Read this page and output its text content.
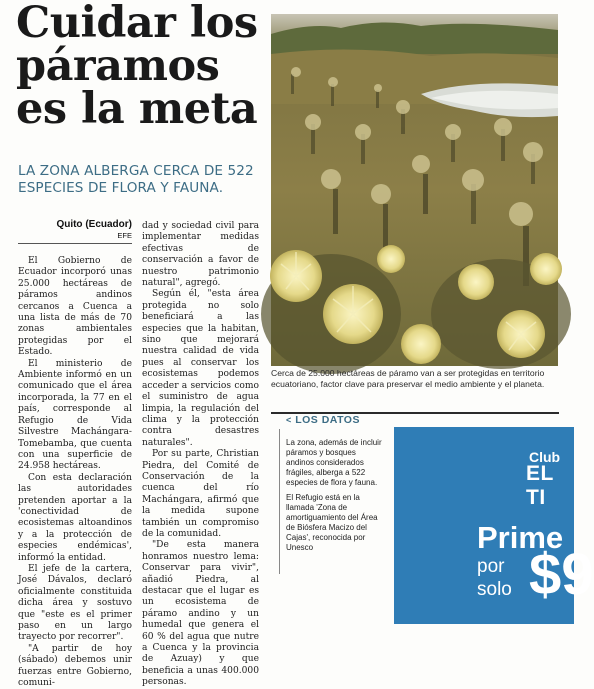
Cuidar los páramos es la meta
LA ZONA ALBERGA CERCA DE 522 ESPECIES DE FLORA Y FAUNA.
Quito (Ecuador)
EFE

El Gobierno de Ecuador incorporó unas 25.000 hectáreas de páramos andinos cercanos a Cuenca a una lista de más de 70 zonas ambientales protegidas por el Estado.

El ministerio de Ambiente informó en un comunicado que el área incorporada, la 77 en el país, corresponde al Refugio de Vida Silvestre Machángara-Tomebamba, que cuenta con una superficie de 24.958 hectáreas.

Con esta declaración las autoridades pretenden aportar a la 'conectividad de ecosistemas altoandinos y a la protección de especies endémicas', informó la entidad.

El jefe de la cartera, José Dávalos, declaró oficialmente constituida dicha área y sostuvo que "este es el primer paso en un largo trayecto por recorrer".

"A partir de hoy (sábado) debemos unir fuerzas entre Gobierno, comuni-

dad y sociedad civil para implementar medidas efectivas de conservación a favor de nuestro patrimonio natural", agregó.

Según él, "esta área protegida no solo beneficiará a las especies que la habitan, sino que mejorará nuestra calidad de vida pues al conservar los ecosistemas podemos acceder a servicios como el suministro de agua limpia, la regulación del clima y la protección contra desastres naturales".

Por su parte, Christian Piedra, del Comité de Conservación de la cuenca del río Machángara, afirmó que la medida supone también un compromiso de la comunidad.

"De esta manera honramos nuestro lema: Conservar para vivir", añadió Piedra, al destacar que el lugar es un ecosistema de páramo andino y un humedal que genera el 60 % del agua que nutre a Cuenca y la provincia de Azuay) y que beneficia a unas 400.000 personas.

Cerca de 25.000 hectáreas de páramo van a ser protegidas en territorio ecuatoriano, factor clave para preservar el medio ambiente y el planeta.
< LOS DATOS

La zona, además de incluir páramos y bosques andinos considerados frágiles, alberga a 522 especies de flora y fauna.

El Refugio está en la llamada 'Zona de amortiguamiento del Área de Biósfera Macizo del Cajas', reconocida por Unesco

Club
EL TI
Prime
por
solo $9
